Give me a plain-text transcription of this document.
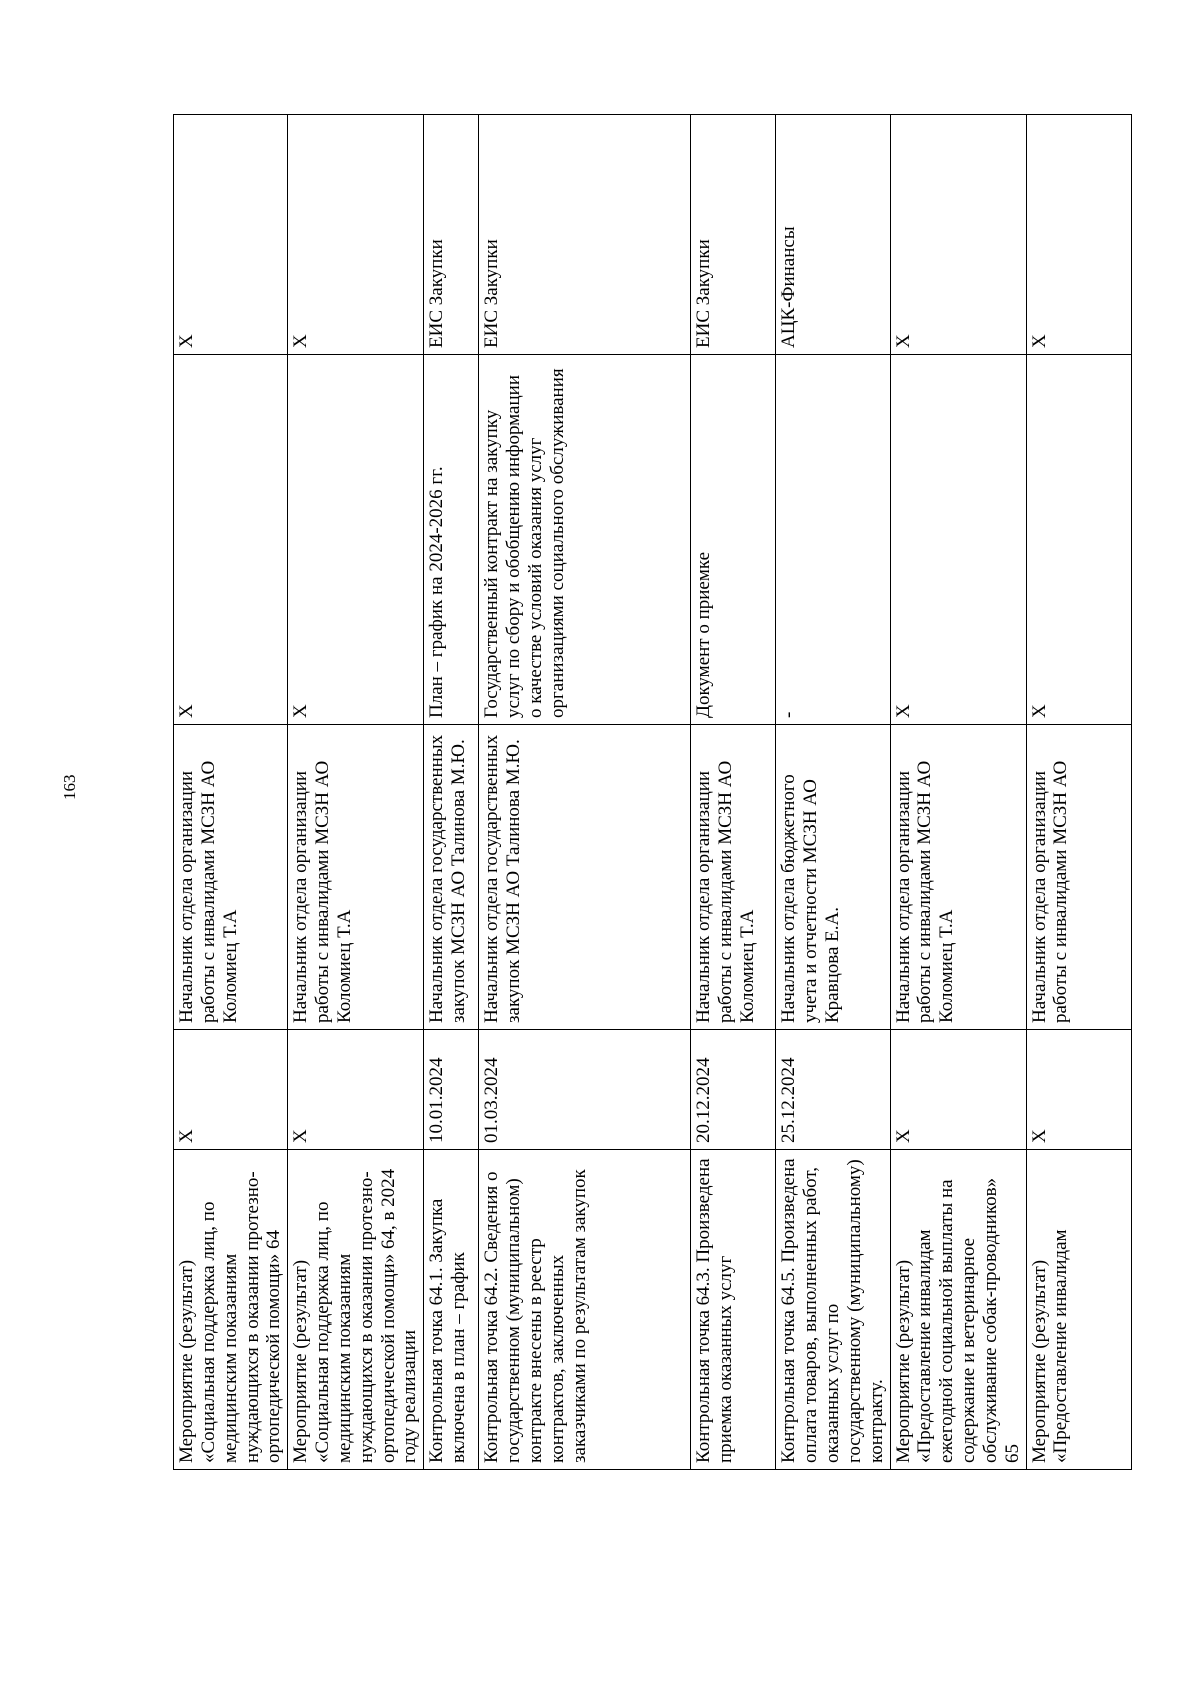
163
Мероприятие (результат) «Социальная поддержка лиц, по медицинским показаниям нуждающихся в оказании протезно-ортопедической помощи» 64	X	Начальник отдела организации работы с инвалидами МСЗН АО Коломиец Т.А	X	X
Мероприятие (результат) «Социальная поддержка лиц, по медицинским показаниям нуждающихся в оказании протезно-ортопедической помощи» 64, в 2024 году реализации	X	Начальник отдела организации работы с инвалидами МСЗН АО Коломиец Т.А	X	X
Контрольная точка 64.1. Закупка включена в план – график	10.01.2024	Начальник отдела государственных закупок МСЗН АО Талинова М.Ю.	План – график на 2024-2026 гг.	ЕИС Закупки
Контрольная точка 64.2. Сведения о государственном (муниципальном) контракте внесены в реестр контрактов, заключенных заказчиками по результатам закупок	01.03.2024	Начальник отдела государственных закупок МСЗН АО Талинова М.Ю.	Государственный контракт на закупку услуг по сбору и обобщению информации о качестве условий оказания услуг организациями социального обслуживания	ЕИС Закупки
Контрольная точка 64.3. Произведена приемка оказанных услуг	20.12.2024	Начальник отдела организации работы с инвалидами МСЗН АО Коломиец Т.А	Документ о приемке	ЕИС Закупки
Контрольная точка 64.5. Произведена оплата товаров, выполненных работ, оказанных услуг по государственному (муниципальному) контракту.	25.12.2024	Начальник отдела бюджетного учета и отчетности МСЗН АО Кравцова Е.А.	-	АЦК-Финансы
Мероприятие (результат) «Предоставление инвалидам ежегодной социальной выплаты на содержание и ветеринарное обслуживание собак-проводников» 65	X	Начальник отдела организации работы с инвалидами МСЗН АО Коломиец Т.А	X	X
Мероприятие (результат) «Предоставление инвалидам	X	Начальник отдела организации работы с инвалидами МСЗН АО	X	X
